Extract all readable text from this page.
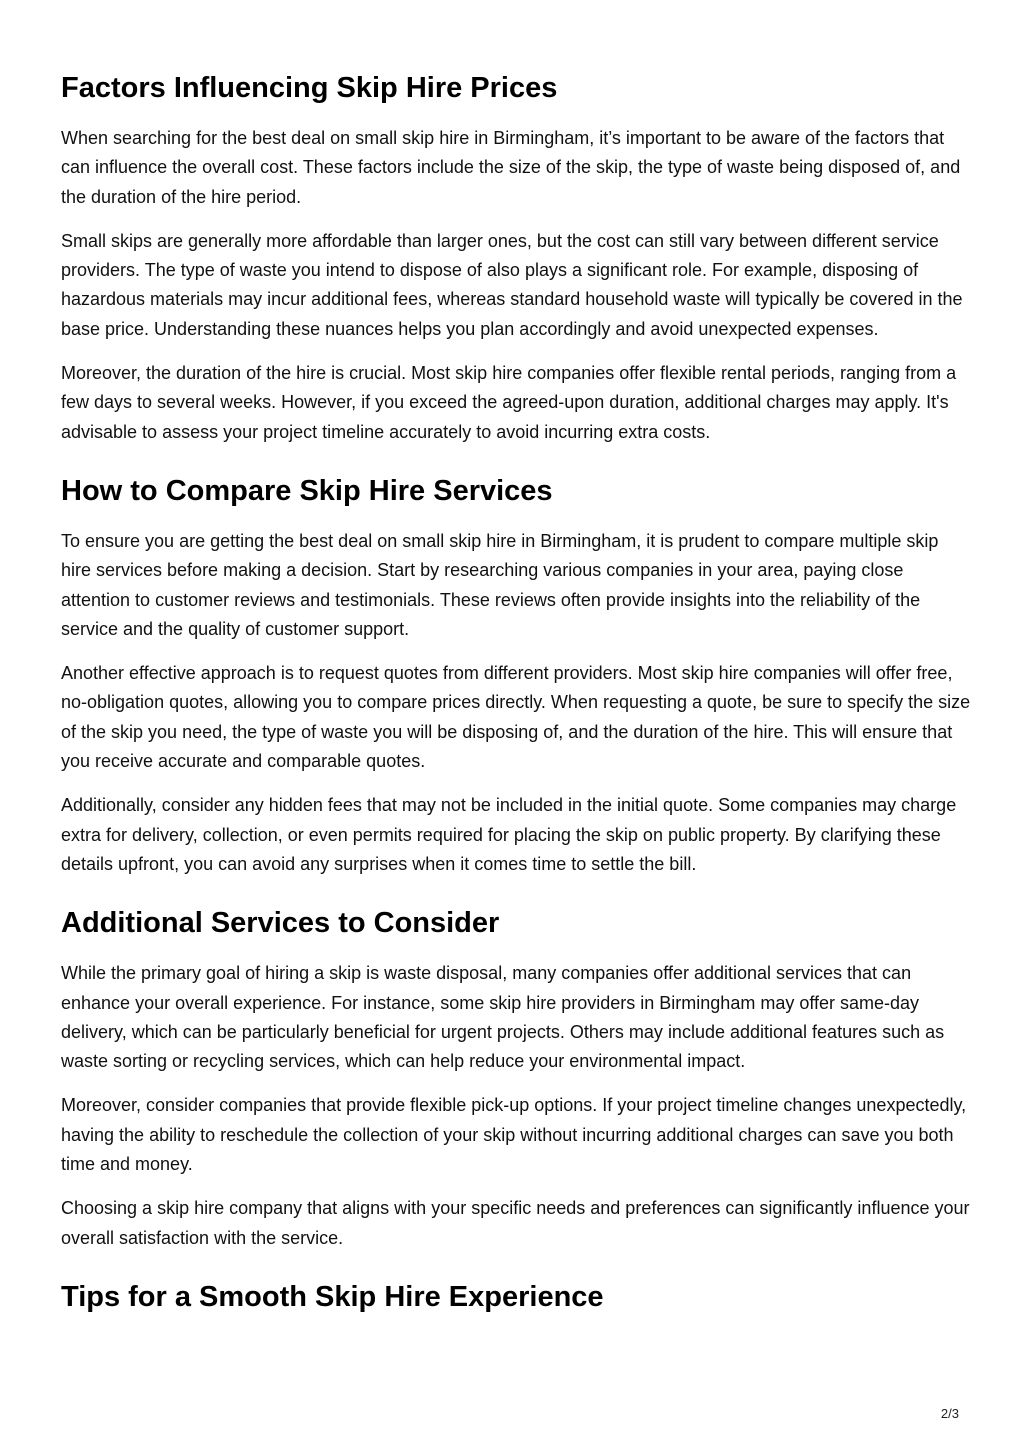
Factors Influencing Skip Hire Prices

When searching for the best deal on small skip hire in Birmingham, it’s important to be aware of the factors that can influence the overall cost. These factors include the size of the skip, the type of waste being disposed of, and the duration of the hire period.

Small skips are generally more affordable than larger ones, but the cost can still vary between different service providers. The type of waste you intend to dispose of also plays a significant role. For example, disposing of hazardous materials may incur additional fees, whereas standard household waste will typically be covered in the base price. Understanding these nuances helps you plan accordingly and avoid unexpected expenses.

Moreover, the duration of the hire is crucial. Most skip hire companies offer flexible rental periods, ranging from a few days to several weeks. However, if you exceed the agreed-upon duration, additional charges may apply. It's advisable to assess your project timeline accurately to avoid incurring extra costs.

How to Compare Skip Hire Services

To ensure you are getting the best deal on small skip hire in Birmingham, it is prudent to compare multiple skip hire services before making a decision. Start by researching various companies in your area, paying close attention to customer reviews and testimonials. These reviews often provide insights into the reliability of the service and the quality of customer support.

Another effective approach is to request quotes from different providers. Most skip hire companies will offer free, no-obligation quotes, allowing you to compare prices directly. When requesting a quote, be sure to specify the size of the skip you need, the type of waste you will be disposing of, and the duration of the hire. This will ensure that you receive accurate and comparable quotes.

Additionally, consider any hidden fees that may not be included in the initial quote. Some companies may charge extra for delivery, collection, or even permits required for placing the skip on public property. By clarifying these details upfront, you can avoid any surprises when it comes time to settle the bill.

Additional Services to Consider

While the primary goal of hiring a skip is waste disposal, many companies offer additional services that can enhance your overall experience. For instance, some skip hire providers in Birmingham may offer same-day delivery, which can be particularly beneficial for urgent projects. Others may include additional features such as waste sorting or recycling services, which can help reduce your environmental impact.

Moreover, consider companies that provide flexible pick-up options. If your project timeline changes unexpectedly, having the ability to reschedule the collection of your skip without incurring additional charges can save you both time and money.

Choosing a skip hire company that aligns with your specific needs and preferences can significantly influence your overall satisfaction with the service.

Tips for a Smooth Skip Hire Experience
2/3
